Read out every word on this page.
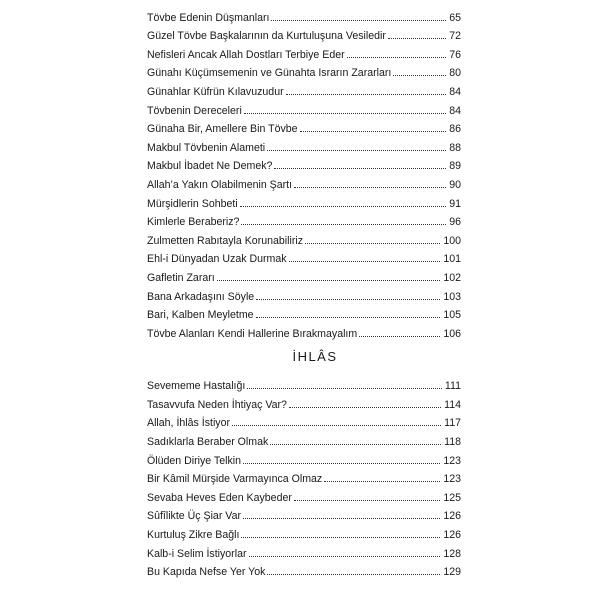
Tövbe Edenin Düşmanları	65
Güzel Tövbe Başkalarının da Kurtuluşuna Vesiledir	72
Nefisleri Ancak Allah Dostları Terbiye Eder	76
Günahı Küçümsemenin ve Günahta Israrın Zararları	80
Günahlar Küfrün Kılavuzudur	84
Tövbenin Dereceleri	84
Günaha Bir, Amellere Bin Tövbe	86
Makbul Tövbenin Alameti	88
Makbul İbadet Ne Demek?	89
Allah’a Yakın Olabilmenin Şartı	90
Mürşidlerin Sohbeti	91
Kimlerle Beraberiz?	96
Zulmetten Rabıtayla Korunabiliriz	100
Ehl-i Dünyadan Uzak Durmak	101
Gafletin Zararı	102
Bana Arkadaşını Söyle	103
Bari, Kalben Meyletme	105
Tövbe Alanları Kendi Hallerine Bırakmayalım	106
İHLÂS
Sevememe Hastalığı	111
Tasavvufa Neden İhtiyaç Var?	114
Allah, İhlâs İstiyor	117
Sadıklarla Beraber Olmak	118
Ölüden Diriye Telkin	123
Bir Kâmil Mürşide Varmayınca Olmaz	123
Sevaba Heves Eden Kaybeder	125
Sûfîlikte Üç Şiar Var	126
Kurtuluş Zikre Bağlı	126
Kalb-i Selim İstiyorlar	128
Bu Kapıda Nefse Yer Yok	129
